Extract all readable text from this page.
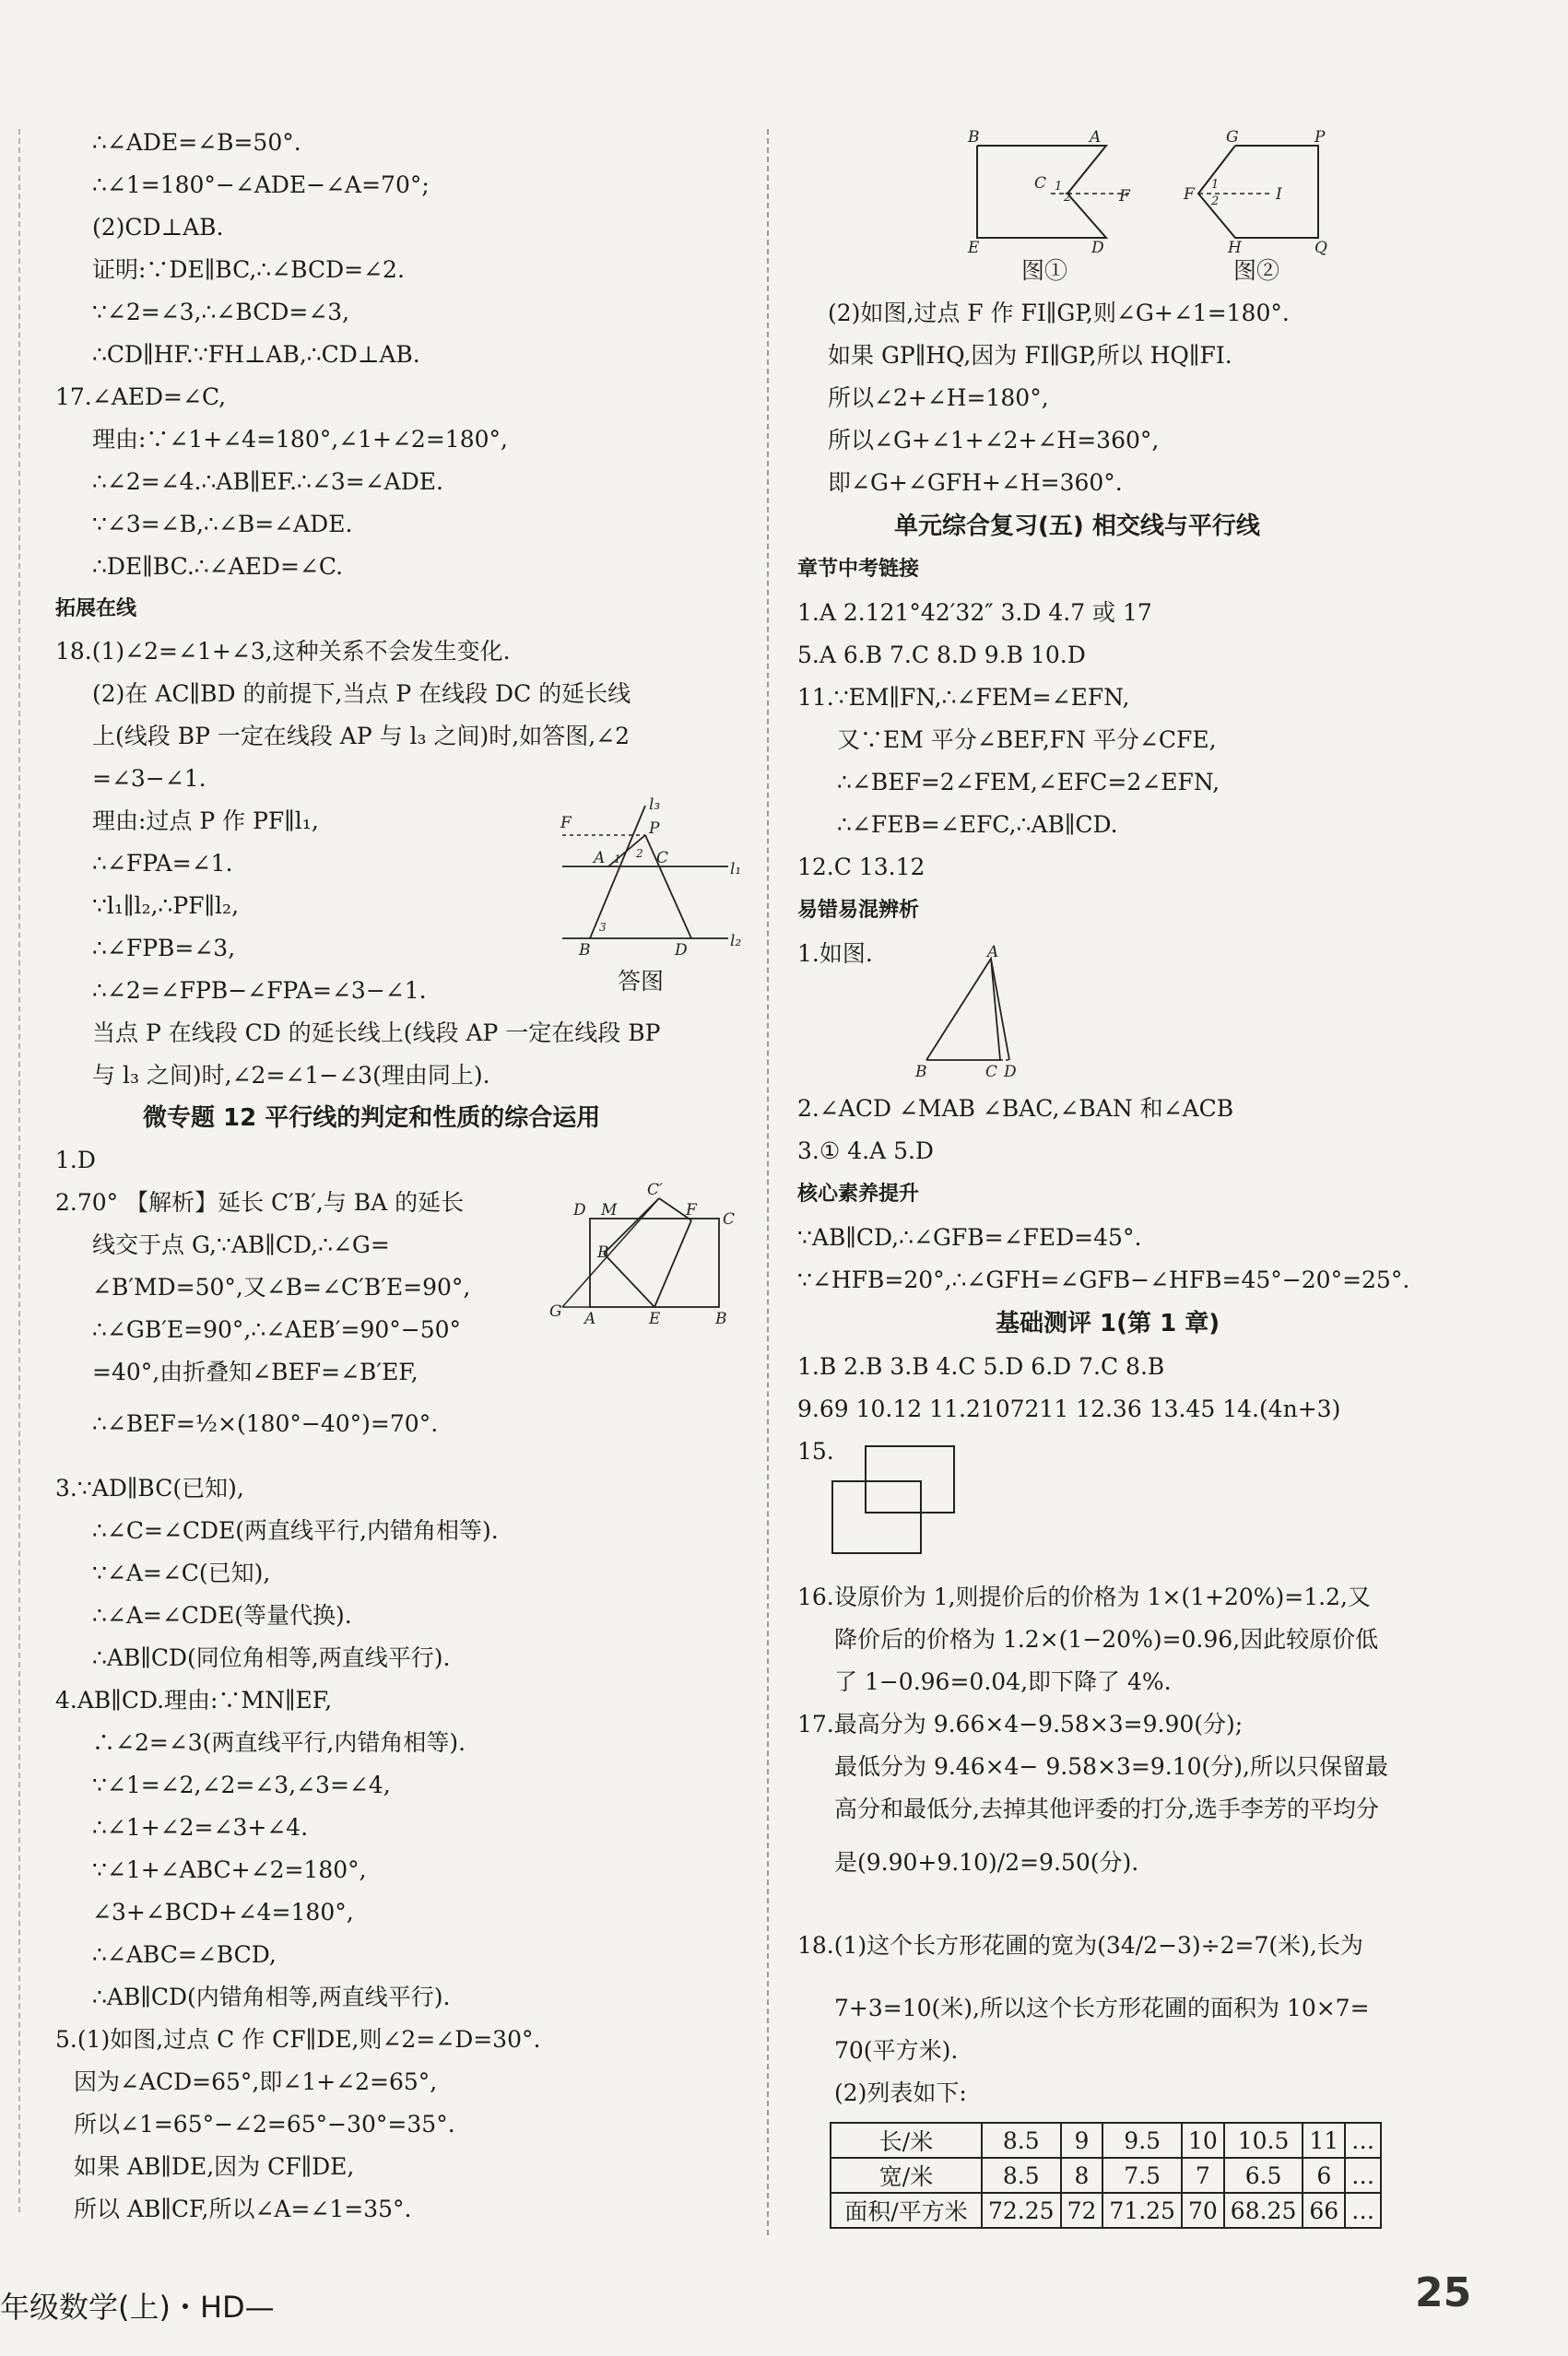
∴∠ADE=∠B=50°.
∴∠1=180°−∠ADE−∠A=70°;
(2)CD⊥AB.
证明:∵DE∥BC,∴∠BCD=∠2.
∵∠2=∠3,∴∠BCD=∠3,
∴CD∥HF.∵FH⊥AB,∴CD⊥AB.
17.∠AED=∠C,
理由:∵∠1+∠4=180°,∠1+∠2=180°,
∴∠2=∠4.∴AB∥EF.∴∠3=∠ADE.
∵∠3=∠B,∴∠B=∠ADE.
∴DE∥BC.∴∠AED=∠C.
拓展在线
18.(1)∠2=∠1+∠3,这种关系不会发生变化.
(2)在 AC∥BD 的前提下,当点 P 在线段 DC 的延长线
上(线段 BP 一定在线段 AP 与 l₃ 之间)时,如答图,∠2
=∠3−∠1.
理由:过点 P 作 PF∥l₁,
∴∠FPA=∠1.
∵l₁∥l₂,∴PF∥l₂,
∴∠FPB=∠3,
∴∠2=∠FPB−∠FPA=∠3−∠1.
当点 P 在线段 CD 的延长线上(线段 AP 一定在线段 BP
与 l₃ 之间)时,∠2=∠1−∠3(理由同上).
微专题 12 平行线的判定和性质的综合运用
1.D
2.70° 【解析】延长 C′B′,与 BA 的延长
线交于点 G,∵AB∥CD,∴∠G=
∠B′MD=50°,又∠B=∠C′B′E=90°,
∴∠GB′E=90°,∴∠AEB′=90°−50°
=40°,由折叠知∠BEF=∠B′EF,
∴∠BEF=½×(180°−40°)=70°.
3.∵AD∥BC(已知),
∴∠C=∠CDE(两直线平行,内错角相等).
∵∠A=∠C(已知),
∴∠A=∠CDE(等量代换).
∴AB∥CD(同位角相等,两直线平行).
4.AB∥CD.理由:∵MN∥EF,
∴∠2=∠3(两直线平行,内错角相等).
∵∠1=∠2,∠2=∠3,∠3=∠4,
∴∠1+∠2=∠3+∠4.
∵∠1+∠ABC+∠2=180°,
∠3+∠BCD+∠4=180°,
∴∠ABC=∠BCD,
∴AB∥CD(内错角相等,两直线平行).
5.(1)如图,过点 C 作 CF∥DE,则∠2=∠D=30°.
因为∠ACD=65°,即∠1+∠2=65°,
所以∠1=65°−∠2=65°−30°=35°.
如果 AB∥DE,因为 CF∥DE,
所以 AB∥CF,所以∠A=∠1=35°.
(2)如图,过点 F 作 FI∥GP,则∠G+∠1=180°.
如果 GP∥HQ,因为 FI∥GP,所以 HQ∥FI.
所以∠2+∠H=180°,
所以∠G+∠1+∠2+∠H=360°,
即∠G+∠GFH+∠H=360°.
单元综合复习(五) 相交线与平行线
章节中考链接
1.A 2.121°42′32″ 3.D 4.7 或 17
5.A 6.B 7.C 8.D 9.B 10.D
11.∵EM∥FN,∴∠FEM=∠EFN,
又∵EM 平分∠BEF,FN 平分∠CFE,
∴∠BEF=2∠FEM,∠EFC=2∠EFN,
∴∠FEB=∠EFC,∴AB∥CD.
12.C 13.12
易错易混辨析
1.如图.
2.∠ACD ∠MAB ∠BAC,∠BAN 和∠ACB
3.① 4.A 5.D
核心素养提升
∵AB∥CD,∴∠GFB=∠FED=45°.
∵∠HFB=20°,∴∠GFH=∠GFB−∠HFB=45°−20°=25°.
基础测评 1(第 1 章)
1.B 2.B 3.B 4.C 5.D 6.D 7.C 8.B
9.69 10.12 11.2107211 12.36 13.45 14.(4n+3)
15.
16.设原价为 1,则提价后的价格为 1×(1+20%)=1.2,又
降价后的价格为 1.2×(1−20%)=0.96,因此较原价低
了 1−0.96=0.04,即下降了 4%.
17.最高分为 9.66×4−9.58×3=9.90(分);
最低分为 9.46×4− 9.58×3=9.10(分),所以只保留最
高分和最低分,去掉其他评委的打分,选手李芳的平均分
是(9.90+9.10)/2=9.50(分).
18.(1)这个长方形花圃的宽为(34/2−3)÷2=7(米),长为
7+3=10(米),所以这个长方形花圃的面积为 10×7=
70(平方米).
(2)列表如下:
B	A
C 1
2	F
E	D
图①
G	P
F
1
2	I
H	Q
图②
F
l₃
P
A	C
l₁
B	D	l₂
1 2
3
答图
D M
C′
F C
B′
G A	E	B
A
B	C D
长/米	8.5	9	9.5	10	10.5	11	…
宽/米	8.5	8	7.5	7	6.5	6	…
面积/平方米	72.25	72	71.25	70	68.25	66	…
年级数学(上)・HD—	25
